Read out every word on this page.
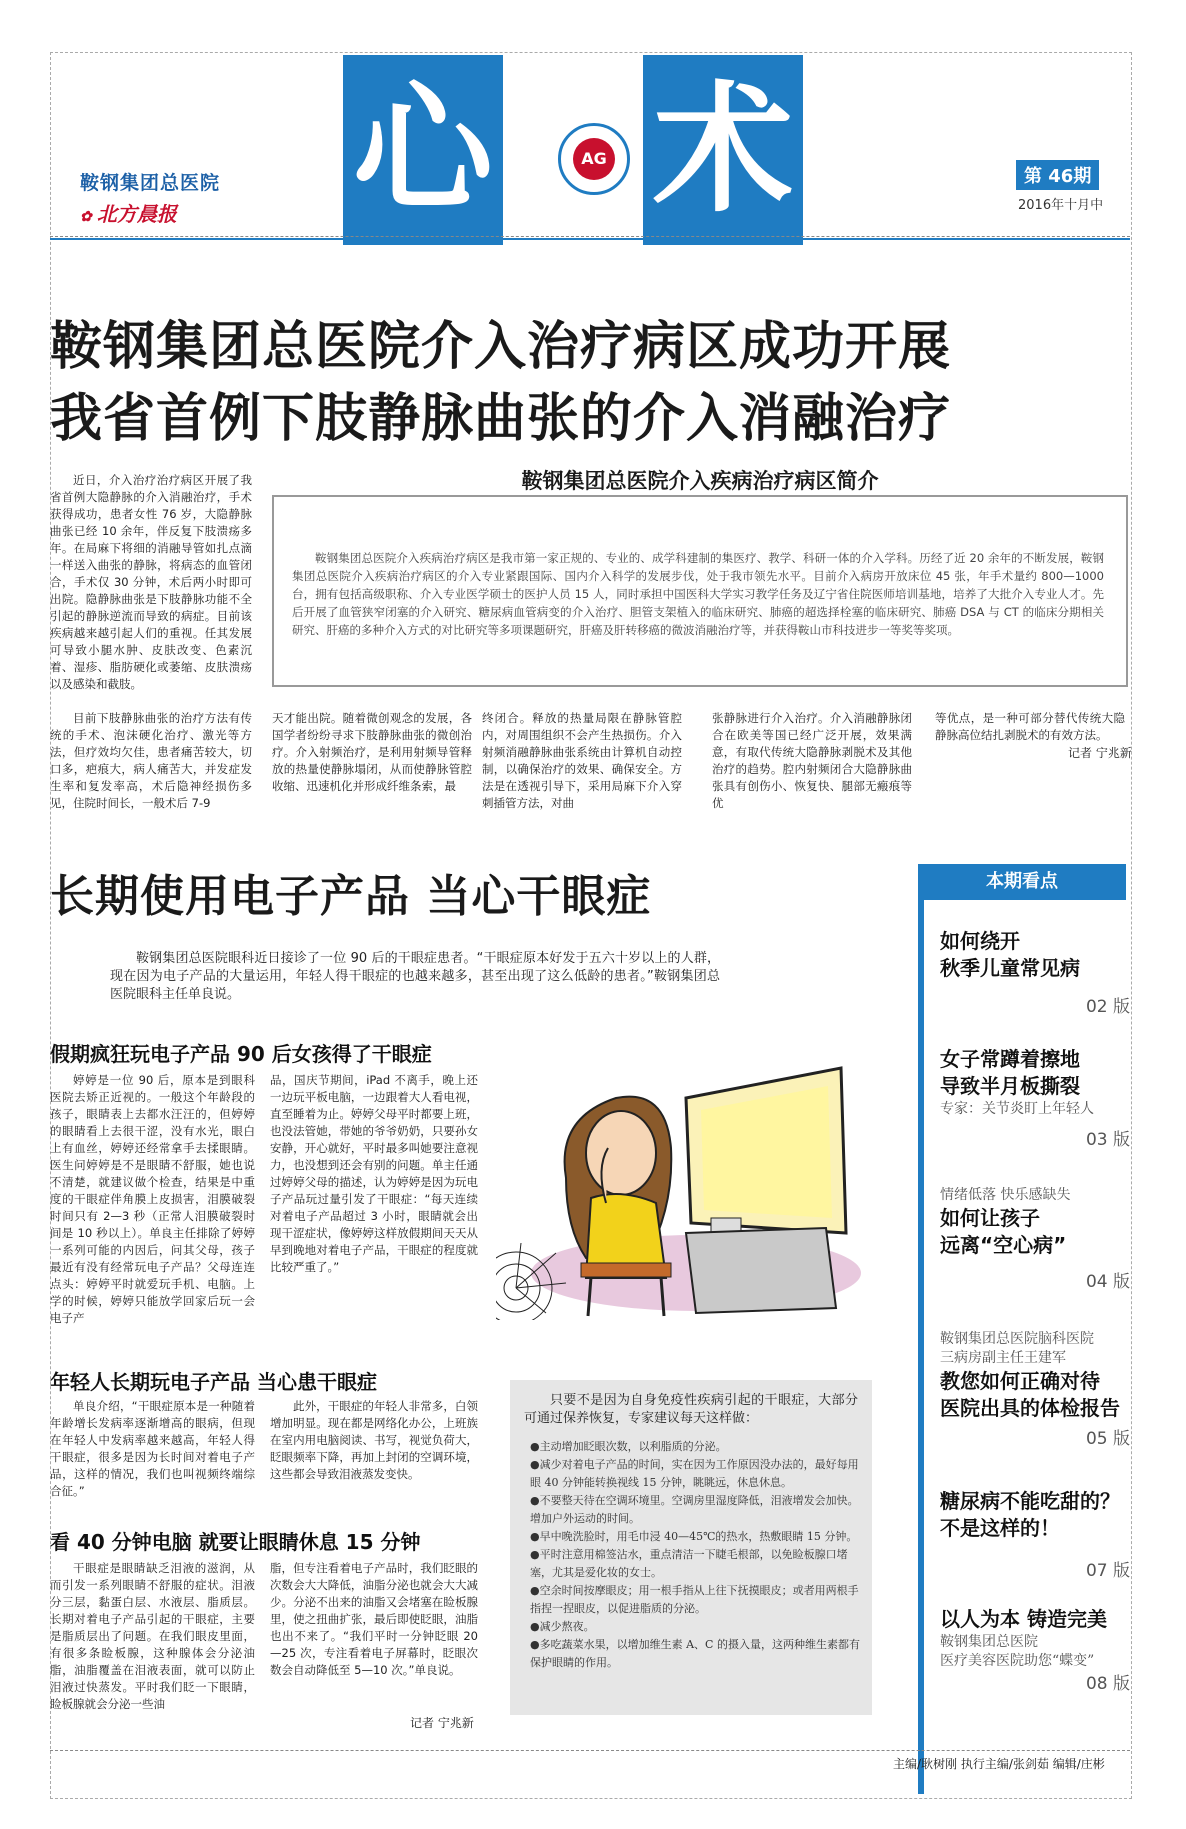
鞍钢集团总医院
✿ 北方晨报 心 术
AG
第 46期
2016年十月中
鞍钢集团总医院介入治疗病区成功开展
我省首例下肢静脉曲张的介入消融治疗
近日，介入治疗治疗病区开展了我省首例大隐静脉的介入消融治疗，手术获得成功，患者女性 76 岁，大隐静脉曲张已经 10 余年，伴反复下肢溃疡多年。在局麻下将细的消融导管如扎点滴一样送入曲张的静脉，将病态的血管闭合，手术仅 30 分钟，术后两小时即可出院。隐静脉曲张是下肢静脉功能不全引起的静脉逆流而导致的病症。目前该疾病越来越引起人们的重视。任其发展可导致小腿水肿、皮肤改变、色素沉着、湿疹、脂肪硬化或萎缩、皮肤溃疡以及感染和截肢。
目前下肢静脉曲张的治疗方法有传统的手术、泡沫硬化治疗、激光等方法，但疗效均欠佳，患者痛苦较大，切口多，疤痕大，病人痛苦大，并发症发生率和复发率高，术后隐神经损伤多见，住院时间长，一般术后 7-9
鞍钢集团总医院介入疾病治疗病区简介
鞍钢集团总医院介入疾病治疗病区是我市第一家正规的、专业的、成学科建制的集医疗、教学、科研一体的介入学科。历经了近 20 余年的不断发展，鞍钢集团总医院介入疾病治疗病区的介入专业紧跟国际、国内介入科学的发展步伐，处于我市领先水平。目前介入病房开放床位 45 张，年手术量约 800—1000 台，拥有包括高级职称、介入专业医学硕士的医护人员 15 人，同时承担中国医科大学实习教学任务及辽宁省住院医师培训基地，培养了大批介入专业人才。先后开展了血管狭窄闭塞的介入研究、糖尿病血管病变的介入治疗、胆管支架植入的临床研究、肺癌的超选择栓塞的临床研究、肺癌 DSA 与 CT 的临床分期相关研究、肝癌的多种介入方式的对比研究等多项课题研究，肝癌及肝转移癌的微波消融治疗等，并获得鞍山市科技进步一等奖等奖项。
天才能出院。随着微创观念的发展，各国学者纷纷寻求下肢静脉曲张的微创治疗。介入射频治疗，是利用射频导管释放的热量使静脉塌闭，从而使静脉管腔收缩、迅速机化并形成纤维条索，最
终闭合。释放的热量局限在静脉管腔内，对周围组织不会产生热损伤。介入射频消融静脉曲张系统由计算机自动控制，以确保治疗的效果、确保安全。方法是在透视引导下，采用局麻下介入穿刺插管方法，对曲
张静脉进行介入治疗。介入消融静脉闭合在欧美等国已经广泛开展，效果满意，有取代传统大隐静脉剥脱术及其他治疗的趋势。腔内射频闭合大隐静脉曲张具有创伤小、恢复快、腿部无瘢痕等优
等优点，是一种可部分替代传统大隐静脉高位结扎剥脱术的有效方法。
记者 宁兆新
长期使用电子产品 当心干眼症
鞍钢集团总医院眼科近日接诊了一位 90 后的干眼症患者。“干眼症原本好发于五六十岁以上的人群，现在因为电子产品的大量运用，年轻人得干眼症的也越来越多，甚至出现了这么低龄的患者。”鞍钢集团总医院眼科主任单良说。
假期疯狂玩电子产品 90 后女孩得了干眼症
婷婷是一位 90 后，原本是到眼科医院去矫正近视的。一般这个年龄段的孩子，眼睛表上去都水汪汪的，但婷婷的眼睛看上去很干涩，没有水光，眼白上有血丝，婷婷还经常拿手去揉眼睛。医生问婷婷是不是眼睛不舒服，她也说不清楚，就建议做个检查，结果是中重度的干眼症伴角膜上皮损害，泪膜破裂时间只有 2—3 秒（正常人泪膜破裂时间是 10 秒以上）。单良主任排除了婷婷一系列可能的内因后，问其父母，孩子最近有没有经常玩电子产品？父母连连点头：婷婷平时就爱玩手机、电脑。上学的时候，婷婷只能放学回家后玩一会电子产
品，国庆节期间，iPad 不离手，晚上还一边玩平板电脑，一边跟着大人看电视，直至睡着为止。婷婷父母平时都要上班，也没法管她，带她的爷爷奶奶，只要孙女安静，开心就好，平时最多叫她要注意视力，也没想到还会有别的问题。单主任通过婷婷父母的描述，认为婷婷是因为玩电子产品玩过量引发了干眼症：“每天连续对着电子产品超过 3 小时，眼睛就会出现干涩症状，像婷婷这样放假期间天天从早到晚地对着电子产品，干眼症的程度就比较严重了。”
年轻人长期玩电子产品 当心患干眼症
单良介绍，“干眼症原本是一种随着年龄增长发病率逐渐增高的眼病，但现在年轻人中发病率越来越高，年轻人得干眼症，很多是因为长时间对着电子产品，这样的情况，我们也叫视频终端综合征。”
此外，干眼症的年轻人非常多，白领增加明显。现在都是网络化办公，上班族在室内用电脑阅读、书写，视觉负荷大，眨眼频率下降，再加上封闭的空调环境，这些都会导致泪液蒸发变快。
看 40 分钟电脑 就要让眼睛休息 15 分钟
干眼症是眼睛缺乏泪液的滋润，从而引发一系列眼睛不舒服的症状。泪液分三层，黏蛋白层、水液层、脂质层。长期对着电子产品引起的干眼症，主要是脂质层出了问题。在我们眼皮里面，有很多条睑板腺，这种腺体会分泌油脂，油脂覆盖在泪液表面，就可以防止泪液过快蒸发。平时我们眨一下眼睛，睑板腺就会分泌一些油
脂，但专注看着电子产品时，我们眨眼的次数会大大降低，油脂分泌也就会大大减少。分泌不出来的油脂又会堵塞在睑板腺里，使之扭曲扩张，最后即使眨眼，油脂也出不来了。“我们平时一分钟眨眼 20—25 次，专注看着电子屏幕时，眨眼次数会自动降低至 5—10 次。”单良说。
记者 宁兆新
只要不是因为自身免疫性疾病引起的干眼症，大部分可通过保养恢复，专家建议每天这样做：

●主动增加眨眼次数，以利脂质的分泌。

●减少对着电子产品的时间，实在因为工作原因没办法的，最好每用眼 40 分钟能转换视线 15 分钟，眺眺远，休息休息。

●不要整天待在空调环境里。空调房里湿度降低，泪液增发会加快。增加户外运动的时间。

●早中晚洗脸时，用毛巾浸 40—45℃的热水，热敷眼睛 15 分钟。

●平时注意用棉签沾水，重点清洁一下睫毛根部，以免睑板腺口堵塞，尤其是爱化妆的女士。

●空余时间按摩眼皮；用一根手指从上往下抚摸眼皮；或者用两根手指捏一捏眼皮，以促进脂质的分泌。

●减少熬夜。

●多吃蔬菜水果，以增加维生素 A、C 的摄入量，这两种维生素都有保护眼睛的作用。

本期看点
如何绕开
秋季儿童常见病
02 版
女子常蹲着擦地
导致半月板撕裂
专家：关节炎盯上年轻人
03 版
情绪低落 快乐感缺失
如何让孩子
远离“空心病”
04 版
鞍钢集团总医院脑科医院
三病房副主任王建军
教您如何正确对待
医院出具的体检报告
05 版
糖尿病不能吃甜的？
不是这样的！
07 版
以人为本 铸造完美
鞍钢集团总医院
医疗美容医院助您“蝶变”
08 版
主编/耿树刚 执行主编/张剑茹 编辑/庄彬
